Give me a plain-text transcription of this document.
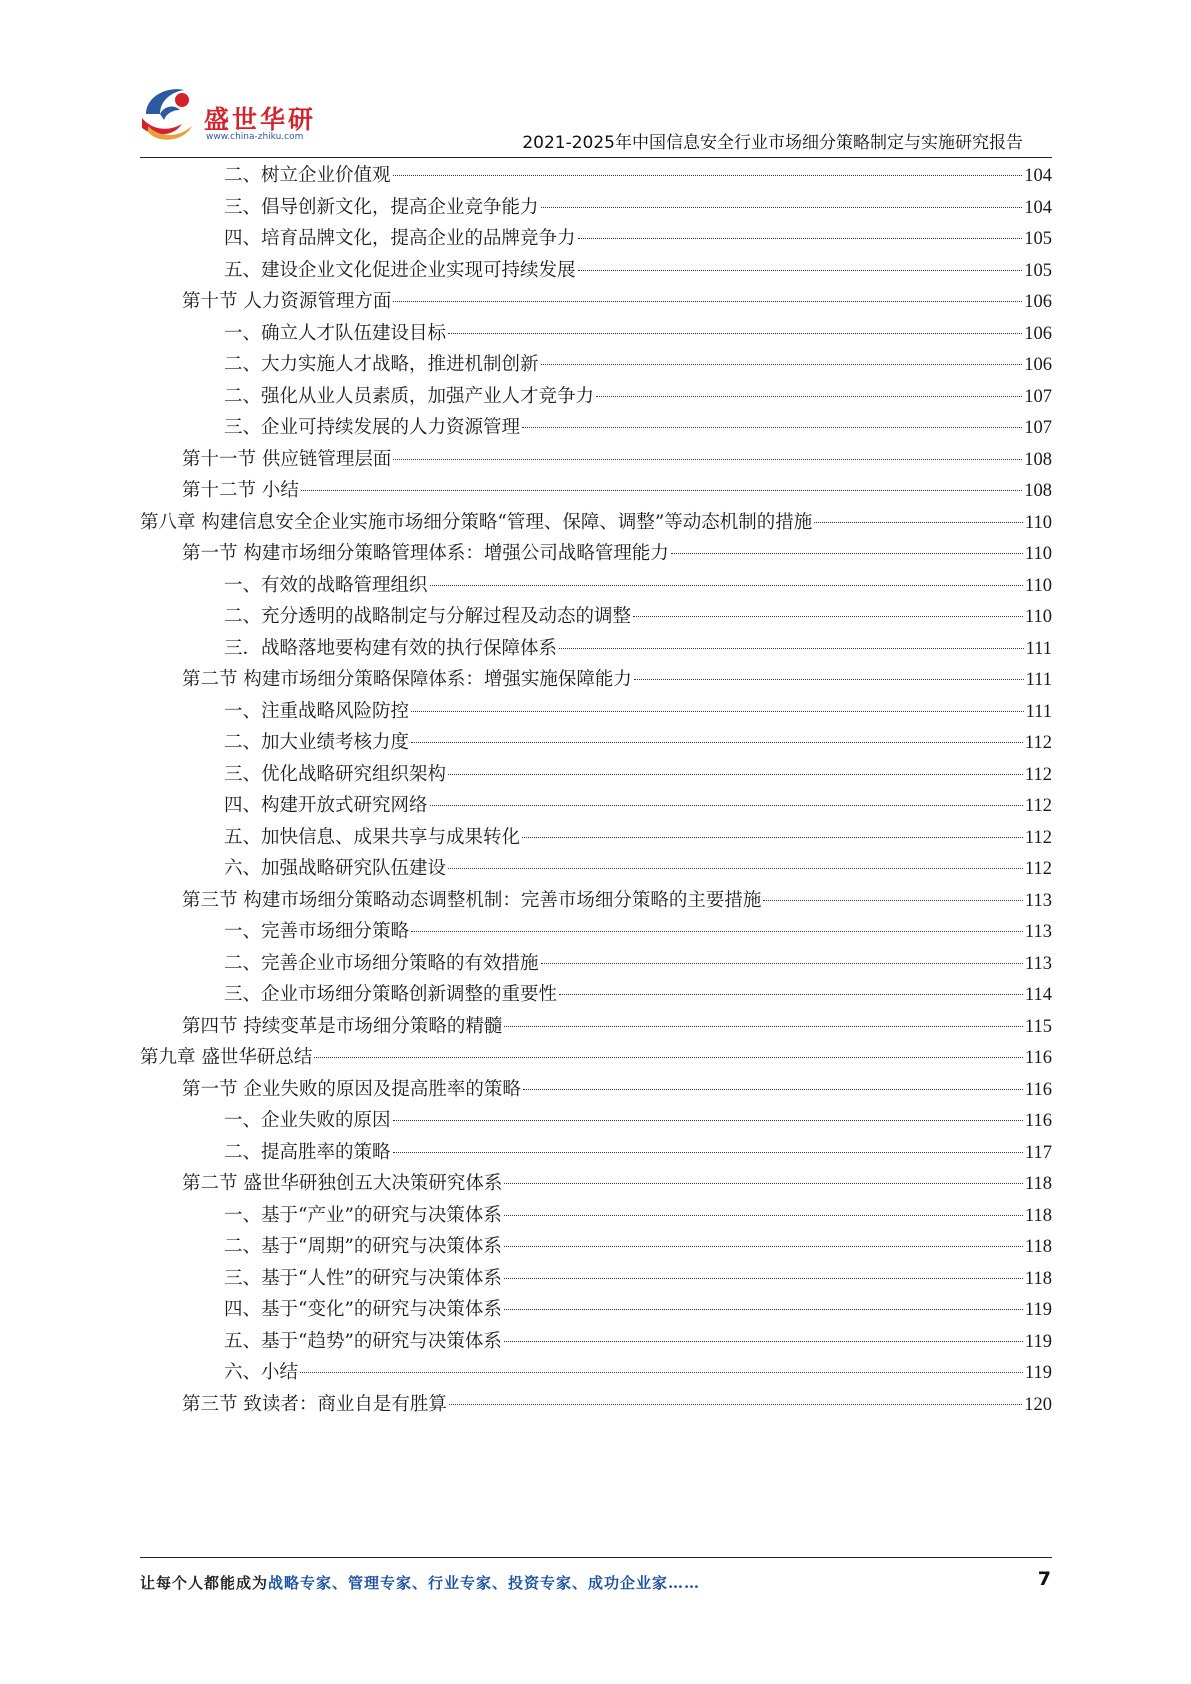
盛世华研
www.china-zhiku.com	2021-2025年中国信息安全行业市场细分策略制定与实施研究报告
二、树立企业价值观	104
三、倡导创新文化，提高企业竞争能力	104
四、培育品牌文化，提高企业的品牌竞争力	105
五、建设企业文化促进企业实现可持续发展	105
第十节 人力资源管理方面	106
一、确立人才队伍建设目标	106
二、大力实施人才战略，推进机制创新	106
二、强化从业人员素质，加强产业人才竞争力	107
三、企业可持续发展的人力资源管理	107
第十一节 供应链管理层面	108
第十二节 小结	108
第八章 构建信息安全企业实施市场细分策略“管理、保障、调整”等动态机制的措施	110
第一节 构建市场细分策略管理体系：增强公司战略管理能力	110
一、有效的战略管理组织	110
二、充分透明的战略制定与分解过程及动态的调整	110
三．战略落地要构建有效的执行保障体系	111
第二节 构建市场细分策略保障体系：增强实施保障能力	111
一、注重战略风险防控	111
二、加大业绩考核力度	112
三、优化战略研究组织架构	112
四、构建开放式研究网络	112
五、加快信息、成果共享与成果转化	112
六、加强战略研究队伍建设	112
第三节 构建市场细分策略动态调整机制：完善市场细分策略的主要措施	113
一、完善市场细分策略	113
二、完善企业市场细分策略的有效措施	113
三、企业市场细分策略创新调整的重要性	114
第四节 持续变革是市场细分策略的精髓	115
第九章 盛世华研总结	116
第一节 企业失败的原因及提高胜率的策略	116
一、企业失败的原因	116
二、提高胜率的策略	117
第二节 盛世华研独创五大决策研究体系	118
一、基于“产业”的研究与决策体系	118
二、基于“周期”的研究与决策体系	118
三、基于“人性”的研究与决策体系	118
四、基于“变化”的研究与决策体系	119
五、基于“趋势”的研究与决策体系	119
六、小结	119
第三节 致读者：商业自是有胜算	120
让每个人都能成为战略专家、管理专家、行业专家、投资专家、成功企业家……	7
